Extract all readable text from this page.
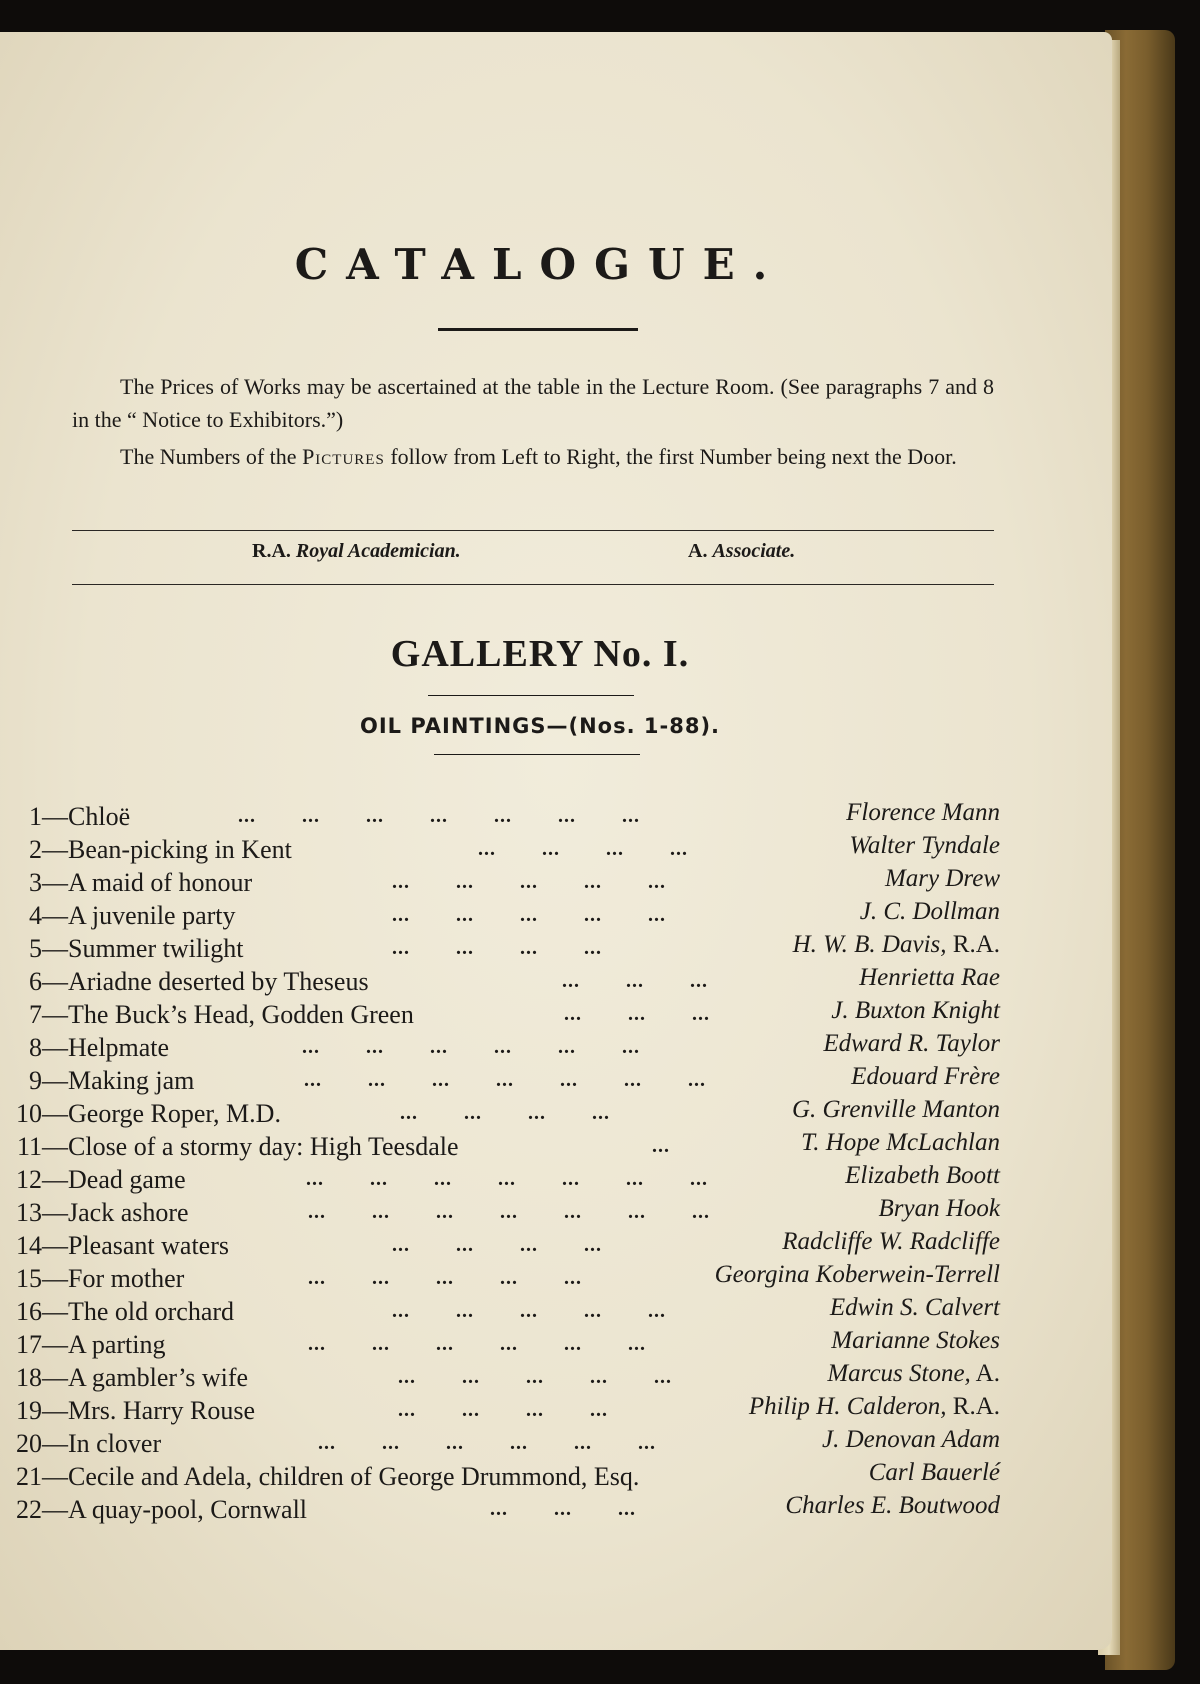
CATALOGUE.

The Prices of Works may be ascertained at the table in the Lecture Room. (See paragraphs 7 and 8 in the “ Notice to Exhibitors.”)

The Numbers of the Pictures follow from Left to Right, the first Number being next the Door.

R.A. Royal Academician.	A. Associate.
GALLERY No. I.
OIL PAINTINGS—(Nos. 1-88).
1— Chloë	... ... ... ... ... ... ...	Florence Mann
2— Bean-picking in Kent	... ... ... ...	Walter Tyndale
3— A maid of honour	... ... ... ... ...	Mary Drew
4— A juvenile party	... ... ... ... ...	J. C. Dollman
5— Summer twilight	... ... ... ...	H. W. B. Davis, R.A.
6— Ariadne deserted by Theseus	... ... ...	Henrietta Rae
7— The Buck’s Head, Godden Green	... ... ...	J. Buxton Knight
8— Helpmate	... ... ... ... ... ...	Edward R. Taylor
9— Making jam	... ... ... ... ... ... ...	Edouard Frère
10— George Roper, M.D.	... ... ... ...	G. Grenville Manton
11— Close of a stormy day: High Teesdale	...	T. Hope McLachlan
12— Dead game	... ... ... ... ... ... ...	Elizabeth Boott
13— Jack ashore	... ... ... ... ... ... ...	Bryan Hook
14— Pleasant waters	... ... ... ...	Radcliffe W. Radcliffe
15— For mother	... ... ... ... ...	Georgina Koberwein-Terrell
16— The old orchard	... ... ... ... ...	Edwin S. Calvert
17— A parting	... ... ... ... ... ...	Marianne Stokes
18— A gambler’s wife	... ... ... ... ...	Marcus Stone, A.
19— Mrs. Harry Rouse	... ... ... ...	Philip H. Calderon, R.A.
20— In clover	... ... ... ... ... ...	J. Denovan Adam
21— Cecile and Adela, children of George Drummond, Esq.	Carl Bauerlé
22— A quay-pool, Cornwall	... ... ...	Charles E. Boutwood
